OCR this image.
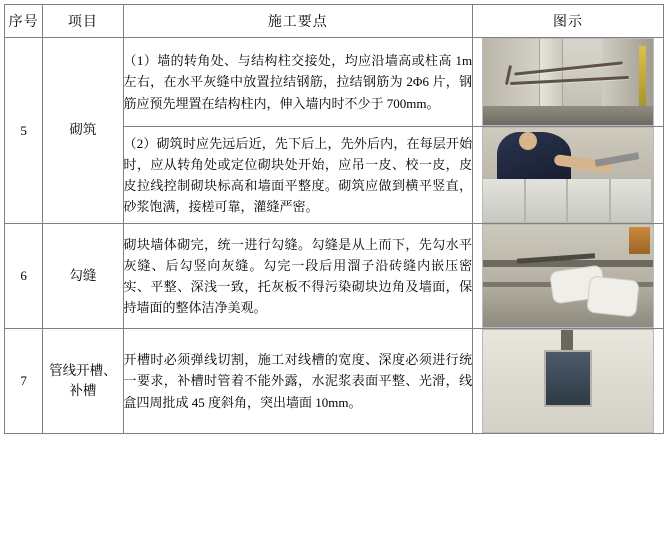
序号	项目	施工要点	图示
5	砌筑	（1）墙的转角处、与结构柱交接处，均应沿墙高或柱高 1m 左右，在水平灰缝中放置拉结钢筋，拉结钢筋为 2Φ6 片，钢筋应预先埋置在结构柱内，伸入墙内时不少于 700mm。	

		（2）砌筑时应先远后近，先下后上，先外后内，在每层开始时，应从转角处或定位砌块处开始，应吊一皮、校一皮，皮皮拉线控制砌块标高和墙面平整度。砌筑应做到横平竖直，砂浆饱满，接槎可靠，灌缝严密。	

6	勾缝	砌块墙体砌完，统一进行勾缝。勾缝是从上而下，先勾水平灰缝、后勾竖向灰缝。勾完一段后用溜子沿砖缝内嵌压密实、平整、深浅一致，托灰板不得污染砌块边角及墙面，保持墙面的整体洁净美观。	

7	管线开槽、补槽	开槽时必须弹线切割，施工对线槽的宽度、深度必须进行统一要求，补槽时管着不能外露，水泥浆表面平整、光滑，线盒四周批成 45 度斜角，突出墙面 10mm。	
